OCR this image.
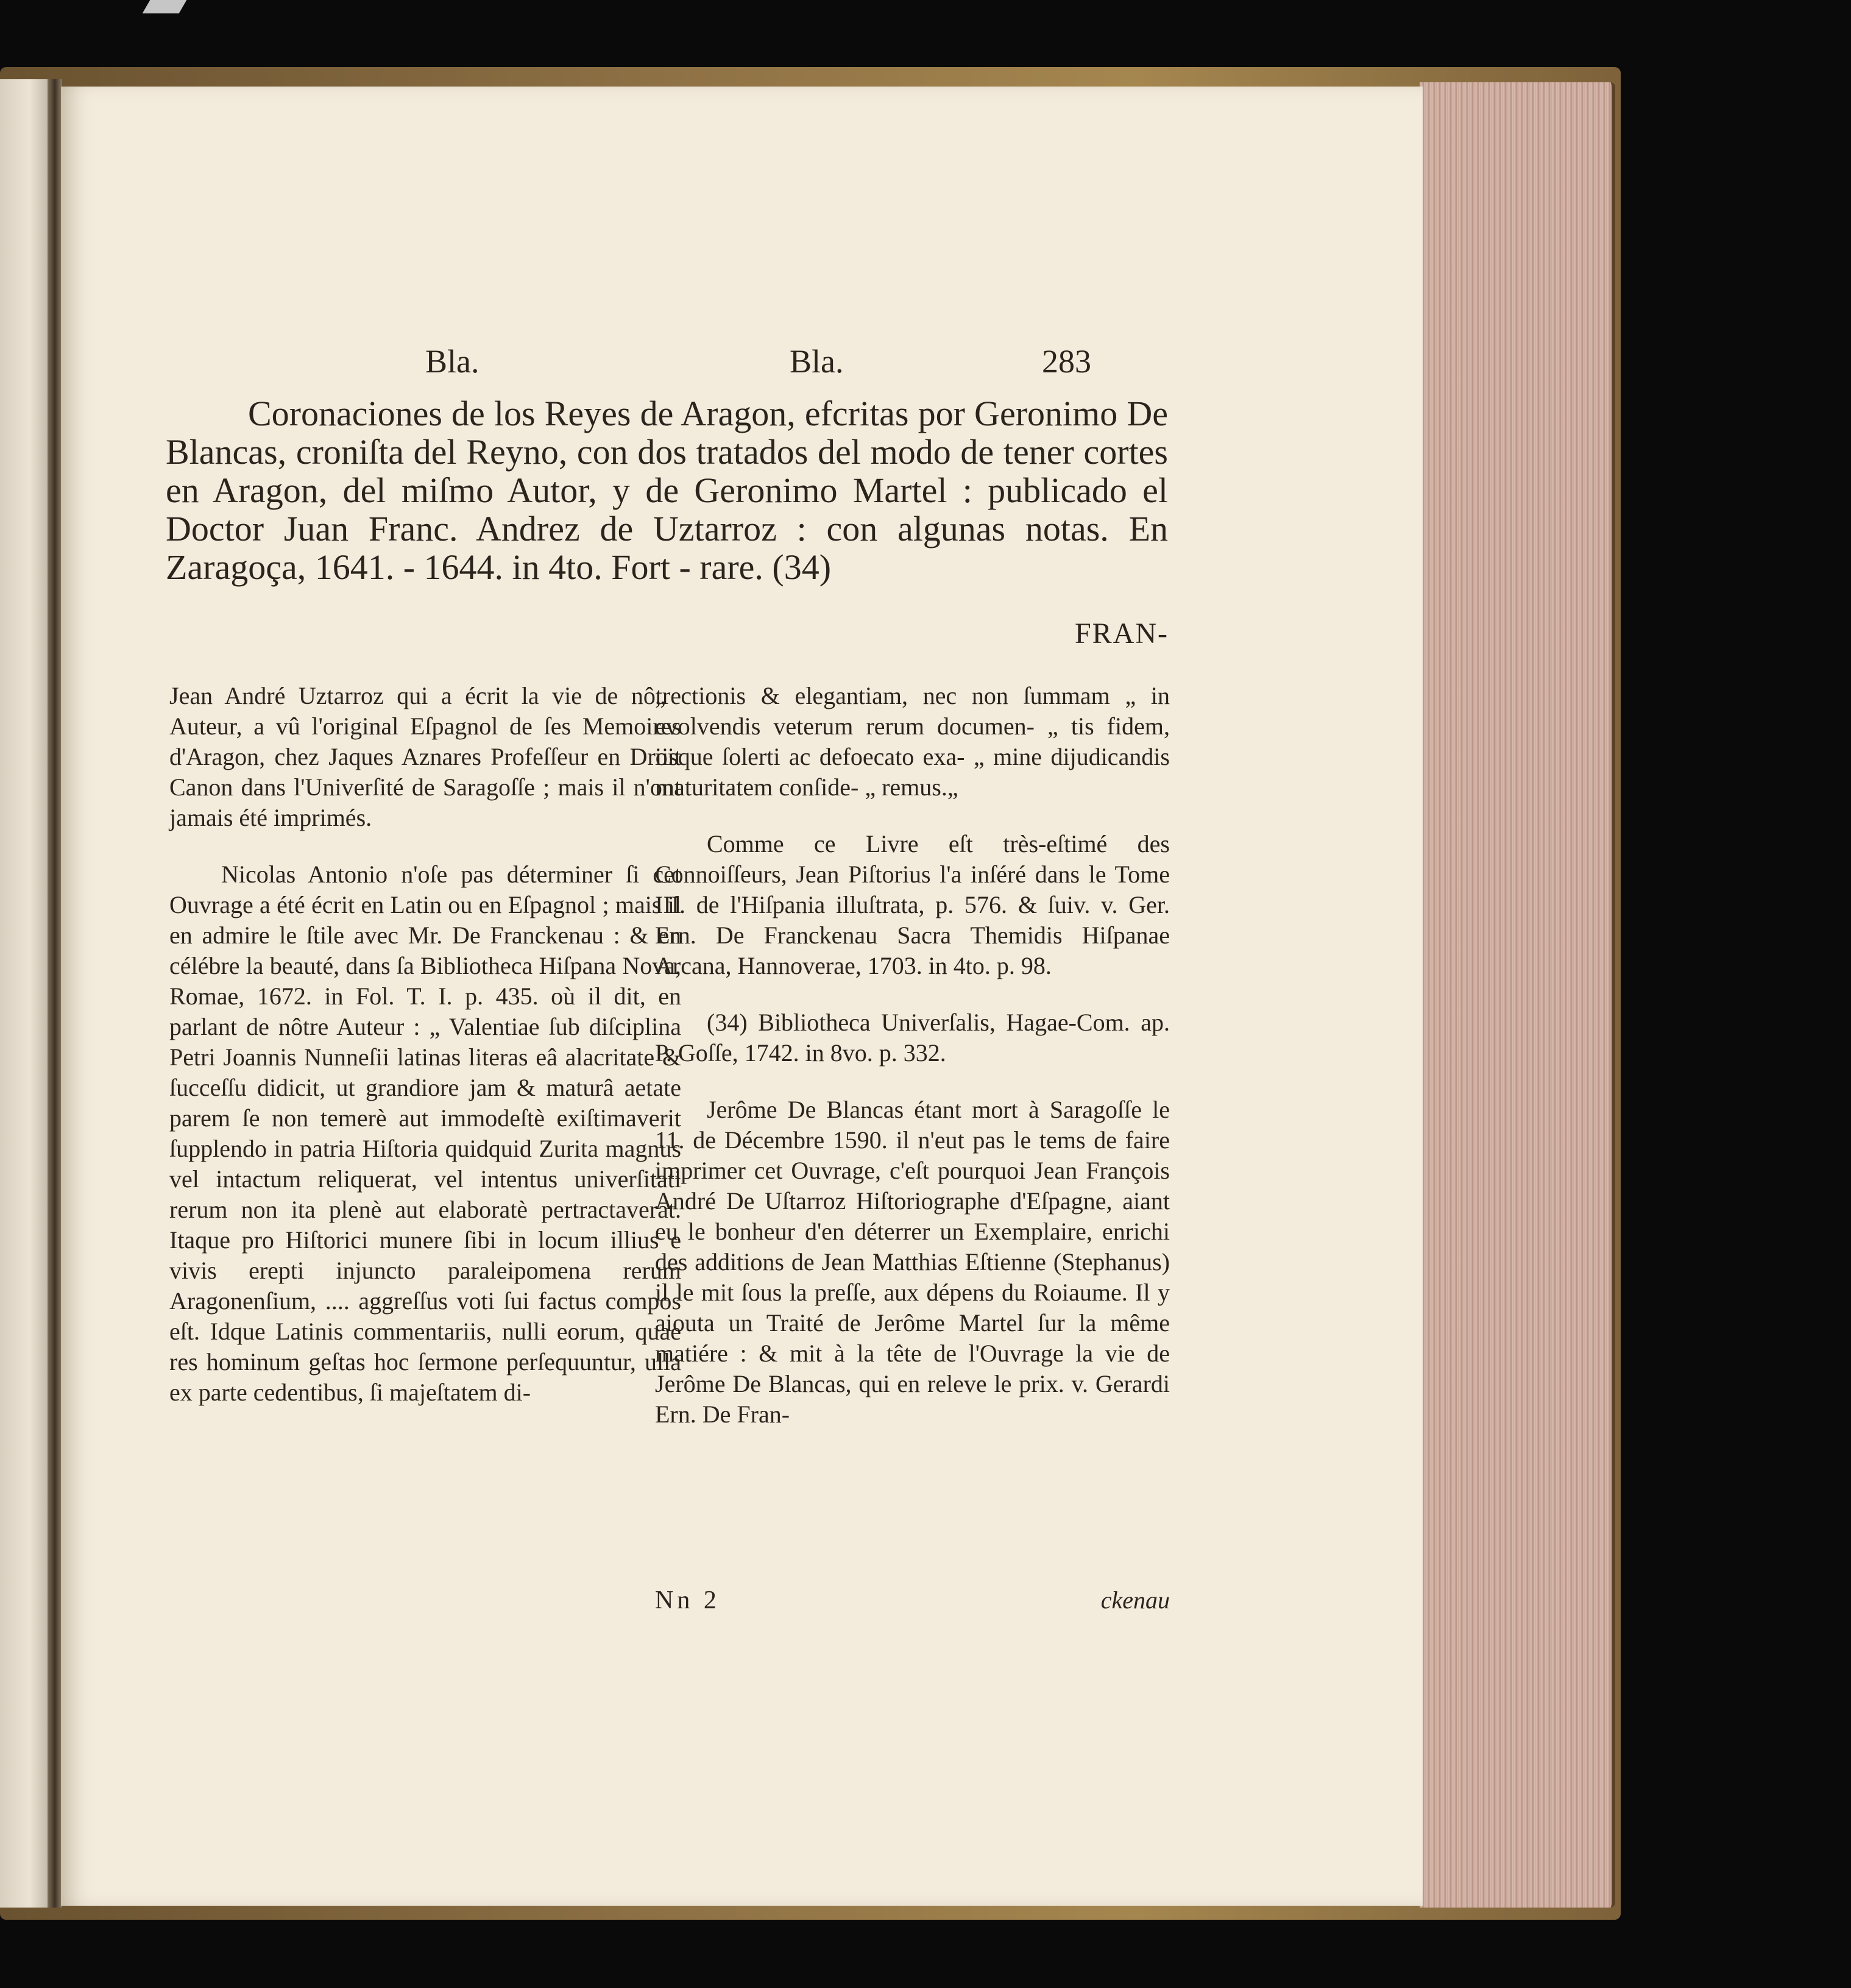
Bla.	Bla.	283
Coronaciones de los Reyes de Aragon, efcritas por Geronimo De Blancas, croniſta del Reyno, con dos tratados del modo de tener cortes en Aragon, del miſmo Autor, y de Geronimo Martel : publicado el Doctor Juan Franc. Andrez de Uztarroz : con algunas notas. En Zaragoça, 1641. - 1644. in 4to. Fort - rare. (34)
FRAN-

Jean André Uztarroz qui a écrit la vie de nôtre Auteur, a vû l'original Eſpagnol de ſes Memoires d'Aragon, chez Jaques Aznares Profeſſeur en Droit Canon dans l'Univerſité de Saragoſſe ; mais il n'ont jamais été imprimés.

Nicolas Antonio n'oſe pas déterminer ſi cet Ouvrage a été écrit en Latin ou en Eſpagnol ; mais il en admire le ſtile avec Mr. De Franckenau : & en célébre la beauté, dans ſa Bibliotheca Hiſpana Nova, Romae, 1672. in Fol. T. I. p. 435. où il dit, en parlant de nôtre Auteur : „ Valentiae ſub diſciplina Petri Joannis Nunneſii latinas literas eâ alacritate & ſucceſſu didicit, ut grandiore jam & maturâ aetate parem ſe non temerè aut immodeſtè exiſtimaverit ſupplendo in patria Hiſtoria quidquid Zurita magnus vel intactum reliquerat, vel intentus univerſitati rerum non ita plenè aut elaboratè pertractaverat. Itaque pro Hiſtorici munere ſibi in locum illius e vivis erepti injuncto paraleipomena rerum Aragonenſium, .... aggreſſus voti ſui factus compos eſt. Idque Latinis commentariis, nulli eorum, quae res hominum geſtas hoc ſermone perſequuntur, ulla ex parte cedentibus, ſi majeſtatem di-

„ ctionis & elegantiam, nec non ſummam „ in evolvendis veterum rerum documen- „ tis fidem, iisque ſolerti ac defoecato exa- „ mine dijudicandis maturitatem conſide- „ remus.„

Comme ce Livre eſt très-eſtimé des Connoiſſeurs, Jean Piſtorius l'a inſéré dans le Tome III. de l'Hiſpania illuſtrata, p. 576. & ſuiv. v. Ger. Ern. De Franckenau Sacra Themidis Hiſpanae Arcana, Hannoverae, 1703. in 4to. p. 98.

(34) Bibliotheca Univerſalis, Hagae-Com. ap. P. Goſſe, 1742. in 8vo. p. 332.

Jerôme De Blancas étant mort à Saragoſſe le 11. de Décembre 1590. il n'eut pas le tems de faire imprimer cet Ouvrage, c'eſt pourquoi Jean François André De Uſtarroz Hiſtoriographe d'Eſpagne, aiant eu le bonheur d'en déterrer un Exemplaire, enrichi des additions de Jean Matthias Eſtienne (Stephanus) il le mit ſous la preſſe, aux dépens du Roiaume. Il y aiouta un Traité de Jerôme Martel ſur la même matiére : & mit à la tête de l'Ouvrage la vie de Jerôme De Blancas, qui en releve le prix. v. Gerardi Ern. De Fran-

Nn 2	ckenau
